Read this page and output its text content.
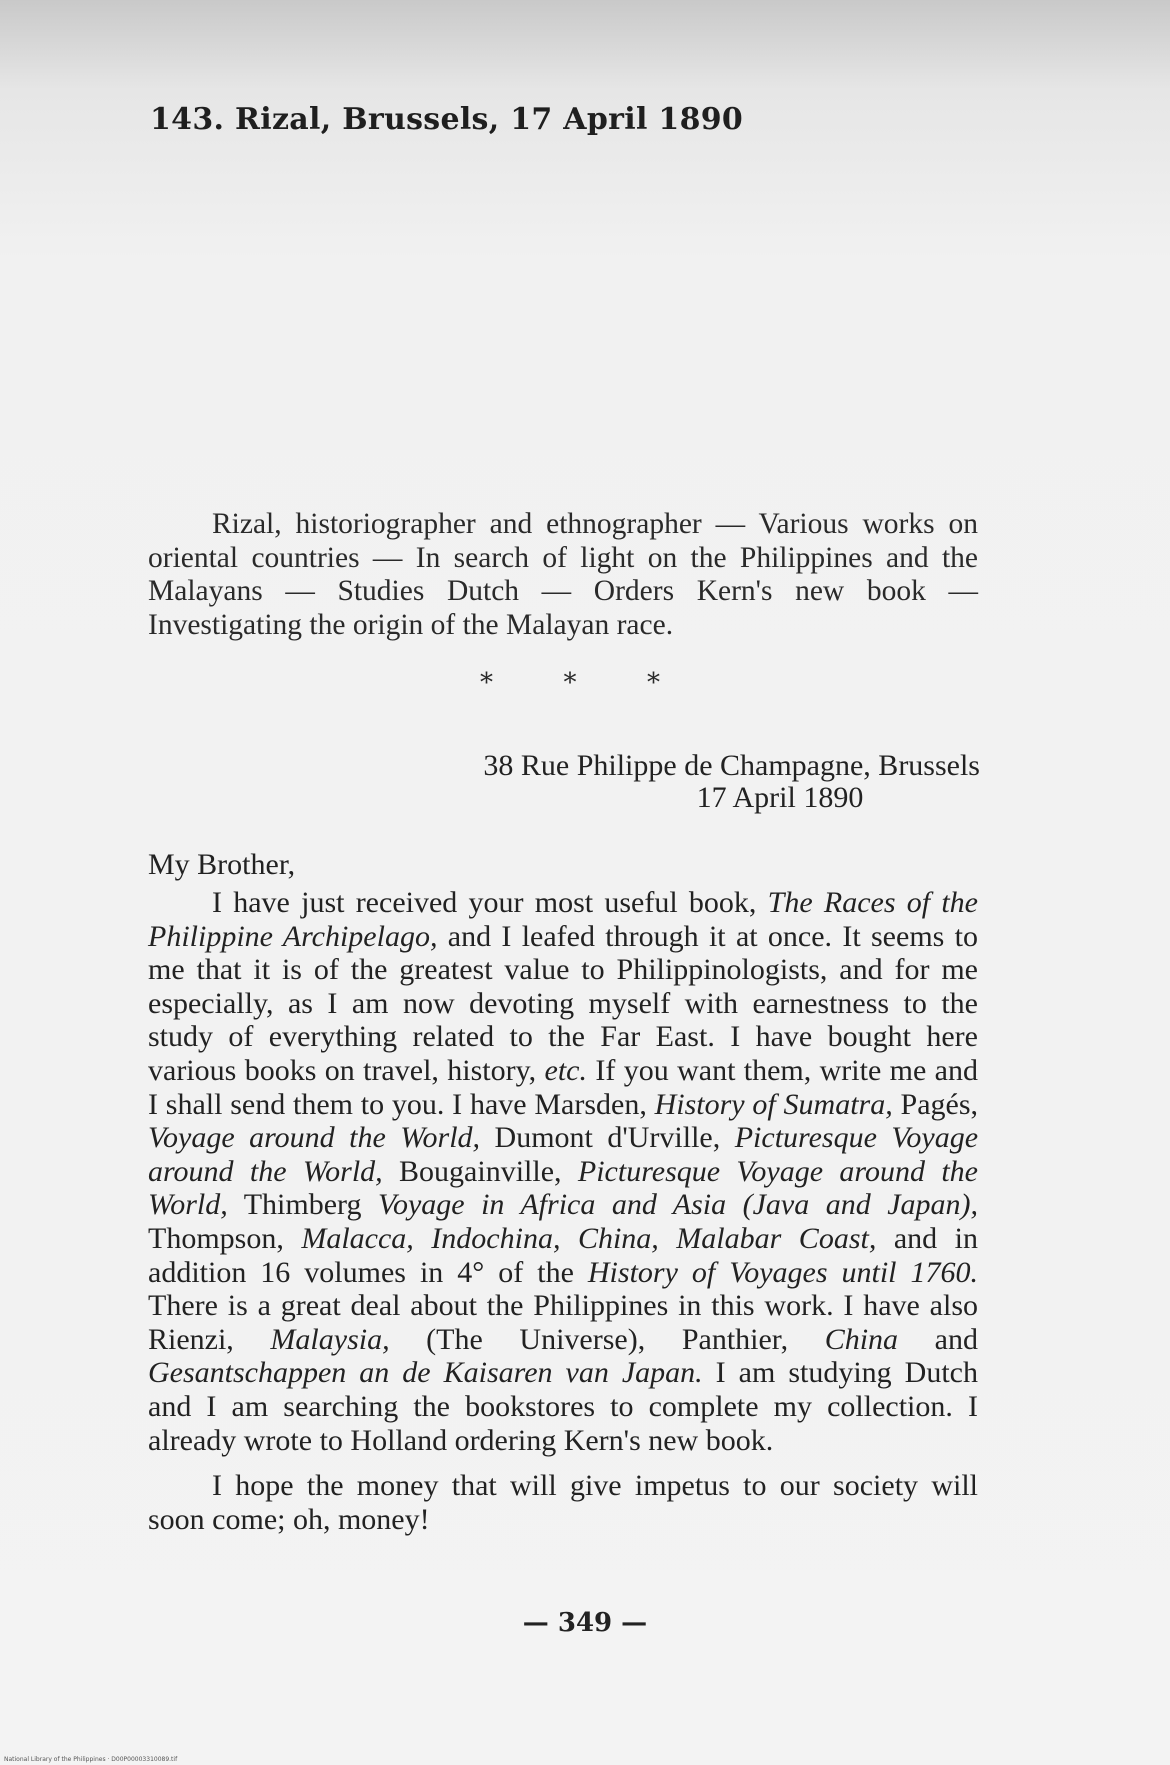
143. Rizal, Brussels, 17 April 1890

Rizal, historiographer and ethnographer — Various works on oriental countries — In search of light on the Philippines and the Malayans — Studies Dutch — Orders Kern's new book — Investigating the origin of the Malayan race.

*	*	*
38 Rue Philippe de Champagne, Brussels
17 April 1890
My Brother,

I have just received your most useful book, The Races of the Philippine Archipelago, and I leafed through it at once. It seems to me that it is of the greatest value to Philippinologists, and for me especially, as I am now devoting myself with earnestness to the study of everything related to the Far East. I have bought here various books on travel, history, etc. If you want them, write me and I shall send them to you. I have Marsden, History of Sumatra, Pagés, Voyage around the World, Dumont d'Urville, Picturesque Voyage around the World, Bougainville, Picturesque Voyage around the World, Thimberg Voyage in Africa and Asia (Java and Japan), Thompson, Malacca, Indochina, China, Malabar Coast, and in addition 16 volumes in 4° of the History of Voyages until 1760. There is a great deal about the Philippines in this work. I have also Rienzi, Malaysia, (The Universe), Panthier, China and Gesantschappen an de Kaisaren van Japan. I am studying Dutch and I am searching the bookstores to complete my collection. I already wrote to Holland ordering Kern's new book.

I hope the money that will give impetus to our society will soon come; oh, money!

— 349 —
National Library of the Philippines · D00P00003310089.tif
